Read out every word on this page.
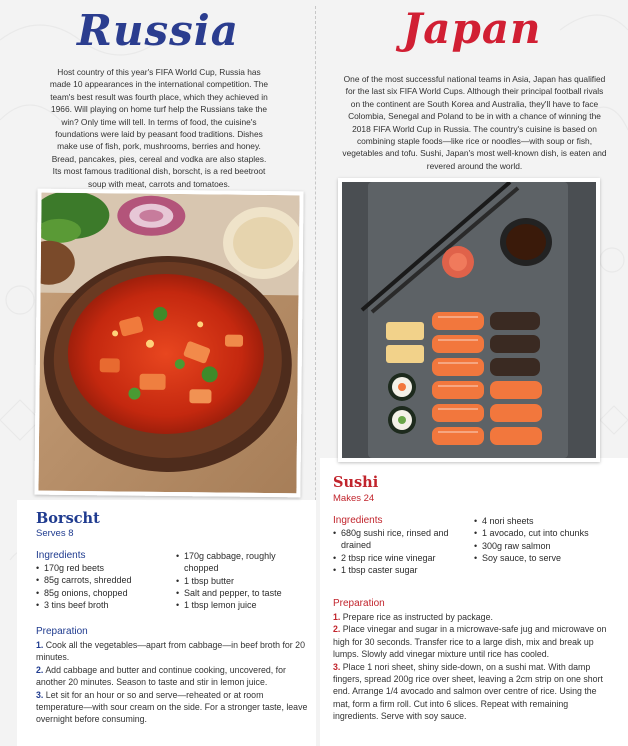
Russia

Host country of this year's FIFA World Cup, Russia has made 10 appearances in the international competition. The team's best result was fourth place, which they achieved in 1966. Will playing on home turf help the Russians take the win? Only time will tell. In terms of food, the cuisine's foundations were laid by peasant food traditions. Dishes make use of fish, pork, mushrooms, berries and honey. Bread, pancakes, pies, cereal and vodka are also staples. Its most famous traditional dish, borscht, is a red beetroot soup with meat, carrots and tomatoes.

Borscht
Serves 8
Ingredients
• 170g red beets
• 85g carrots, shredded
• 85g onions, chopped
• 3 tins beef broth
• 170g cabbage, roughly chopped
• 1 tbsp butter
• Salt and pepper, to taste
• 1 tbsp lemon juice
Preparation

1. Cook all the vegetables—apart from cabbage—in beef broth for 20 minutes.

2. Add cabbage and butter and continue cooking, uncovered, for another 20 minutes. Season to taste and stir in lemon juice.

3. Let sit for an hour or so and serve—reheated or at room temperature—with sour cream on the side. For a stronger taste, leave overnight before consuming.

Japan

One of the most successful national teams in Asia, Japan has qualified for the last six FIFA World Cups. Although their principal football rivals on the continent are South Korea and Australia, they'll have to face Colombia, Senegal and Poland to be in with a chance of winning the 2018 FIFA World Cup in Russia. The country's cuisine is based on combining staple foods—like rice or noodles—with soup or fish, vegetables and tofu. Sushi, Japan's most well-known dish, is eaten and revered around the world.

Sushi
Makes 24
Ingredients
• 680g sushi rice, rinsed and drained
• 2 tbsp rice wine vinegar
• 1 tbsp caster sugar
• 4 nori sheets
• 1 avocado, cut into chunks
• 300g raw salmon
• Soy sauce, to serve
Preparation

1. Prepare rice as instructed by package.

2. Place vinegar and sugar in a microwave-safe jug and microwave on high for 30 seconds. Transfer rice to a large dish, mix and break up lumps. Slowly add vinegar mixture until rice has cooled.

3. Place 1 nori sheet, shiny side-down, on a sushi mat. With damp fingers, spread 200g rice over sheet, leaving a 2cm strip on one short end. Arrange 1/4 avocado and salmon over centre of rice. Using the mat, form a firm roll. Cut into 6 slices. Repeat with remaining ingredients. Serve with soy sauce.
